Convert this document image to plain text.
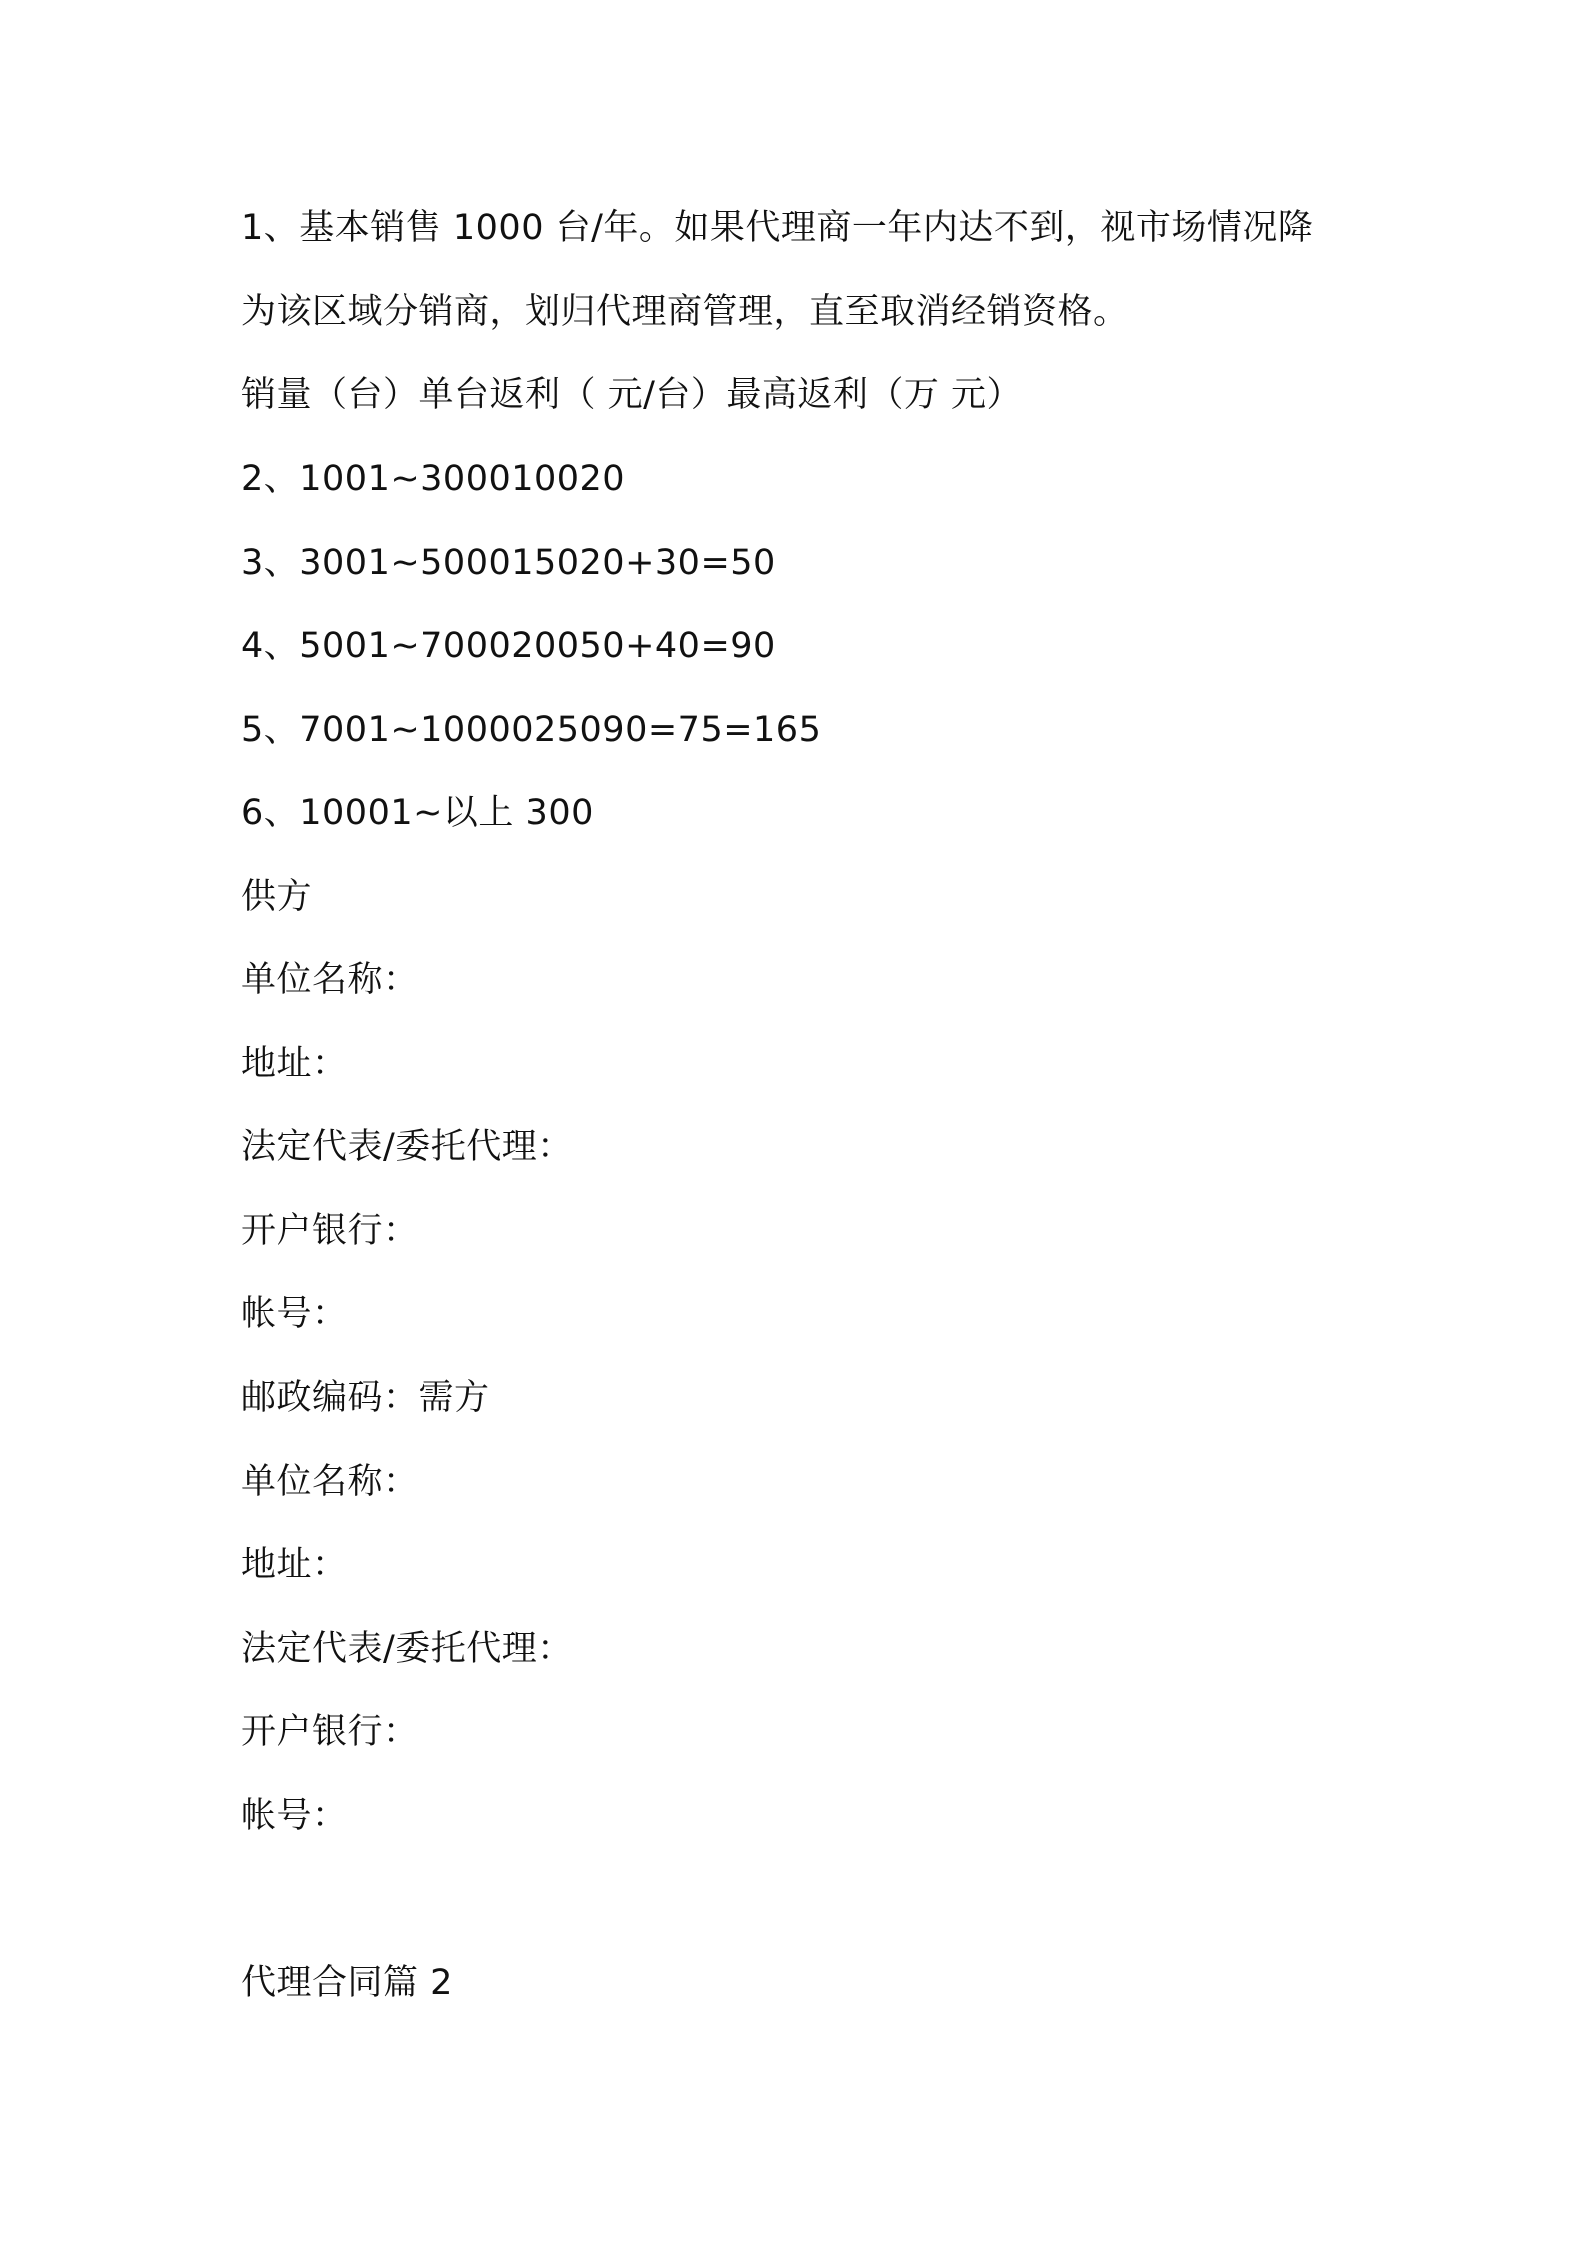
1、基本销售 1000 台/年。如果代理商一年内达不到，视市场情况降
为该区域分销商，划归代理商管理，直至取消经销资格。
销量（台）单台返利（ 元/台）最高返利（万 元）
2、1001~300010020
3、3001~500015020+30=50
4、5001~700020050+40=90
5、7001~1000025090=75=165
6、10001~以上 300
供方
单位名称：
地址：
法定代表/委托代理：
开户银行：
帐号：
邮政编码：需方
单位名称：
地址：
法定代表/委托代理：
开户银行：
帐号：
代理合同篇 2
